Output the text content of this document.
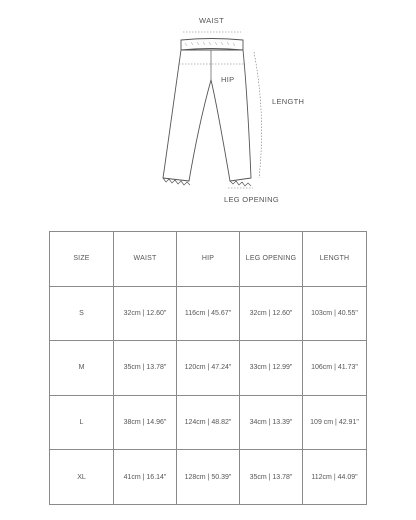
WAIST
HIP
LENGTH
LEG OPENING
SIZE	WAIST	HIP	LEG OPENING	LENGTH
S	32cm | 12.60"	116cm | 45.67"	32cm | 12.60"	103cm | 40.55"
M	35cm | 13.78"	120cm | 47.24"	33cm | 12.99"	106cm | 41.73"
L	38cm | 14.96"	124cm | 48.82"	34cm | 13.39"	109 cm | 42.91"
XL	41cm | 16.14"	128cm | 50.39"	35cm | 13.78"	112cm | 44.09"
